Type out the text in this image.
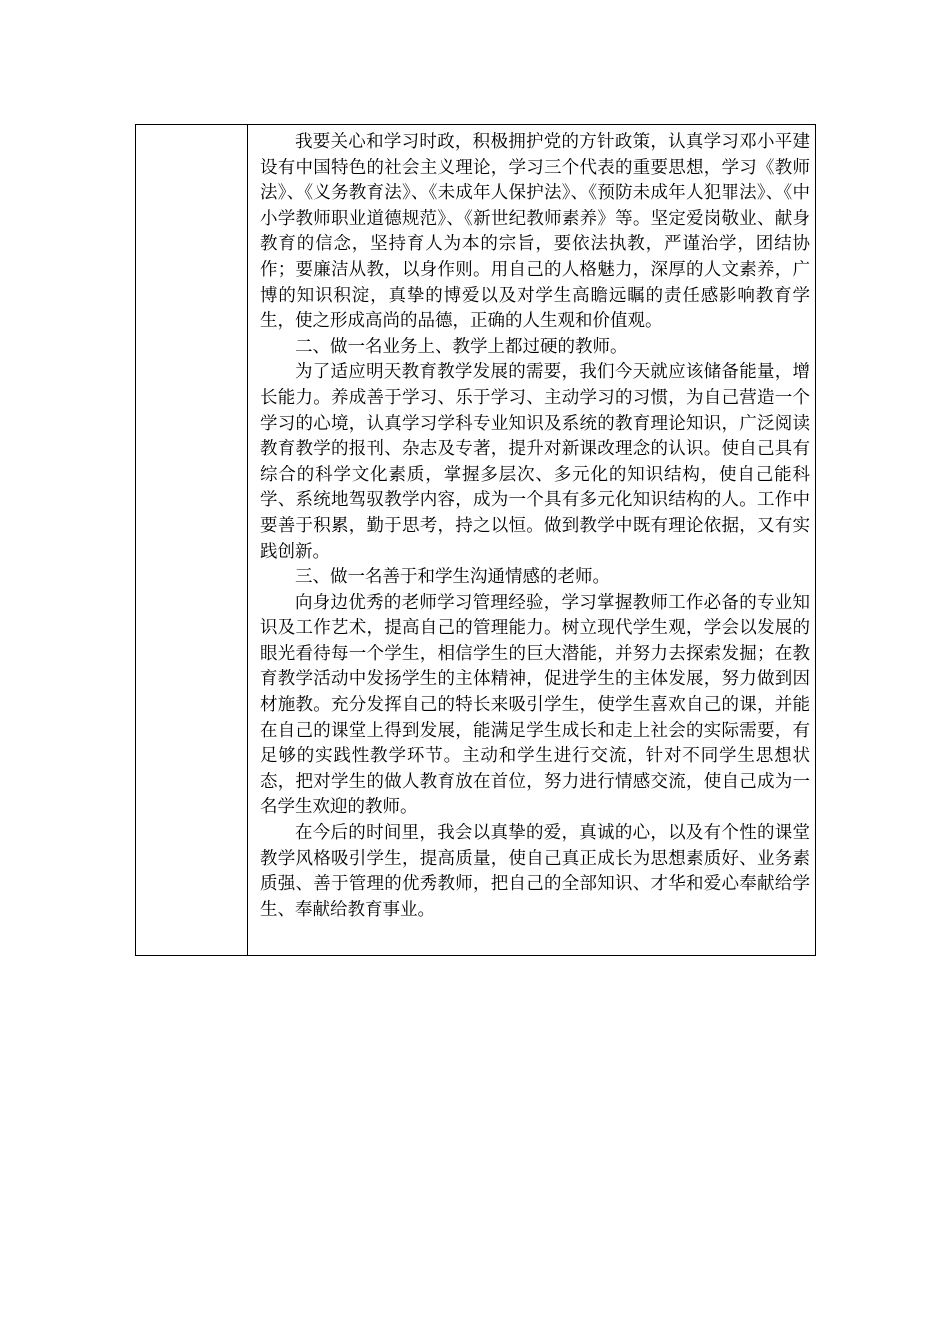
我要关心和学习时政，积极拥护党的方针政策，认真学习邓小平建设有中国特色的社会主义理论，学习三个代表的重要思想，学习《教师法》、《义务教育法》、《未成年人保护法》、《预防未成年人犯罪法》、《中小学教师职业道德规范》、《新世纪教师素养》等。坚定爱岗敬业、献身教育的信念，坚持育人为本的宗旨，要依法执教，严谨治学，团结协作；要廉洁从教，以身作则。用自己的人格魅力，深厚的人文素养，广博的知识积淀，真挚的博爱以及对学生高瞻远瞩的责任感影响教育学生，使之形成高尚的品德，正确的人生观和价值观。

二、做一名业务上、教学上都过硬的教师。

为了适应明天教育教学发展的需要，我们今天就应该储备能量，增长能力。养成善于学习、乐于学习、主动学习的习惯，为自己营造一个学习的心境，认真学习学科专业知识及系统的教育理论知识，广泛阅读教育教学的报刊、杂志及专著，提升对新课改理念的认识。使自己具有综合的科学文化素质，掌握多层次、多元化的知识结构，使自己能科学、系统地驾驭教学内容，成为一个具有多元化知识结构的人。工作中要善于积累，勤于思考，持之以恒。做到教学中既有理论依据，又有实践创新。

三、做一名善于和学生沟通情感的老师。

向身边优秀的老师学习管理经验，学习掌握教师工作必备的专业知识及工作艺术，提高自己的管理能力。树立现代学生观，学会以发展的眼光看待每一个学生，相信学生的巨大潜能，并努力去探索发掘；在教育教学活动中发扬学生的主体精神，促进学生的主体发展，努力做到因材施教。充分发挥自己的特长来吸引学生，使学生喜欢自己的课，并能在自己的课堂上得到发展，能满足学生成长和走上社会的实际需要，有足够的实践性教学环节。主动和学生进行交流，针对不同学生思想状态，把对学生的做人教育放在首位，努力进行情感交流，使自己成为一名学生欢迎的教师。

在今后的时间里，我会以真挚的爱，真诚的心，以及有个性的课堂教学风格吸引学生，提高质量，使自己真正成长为思想素质好、业务素质强、善于管理的优秀教师，把自己的全部知识、才华和爱心奉献给学生、奉献给教育事业。
